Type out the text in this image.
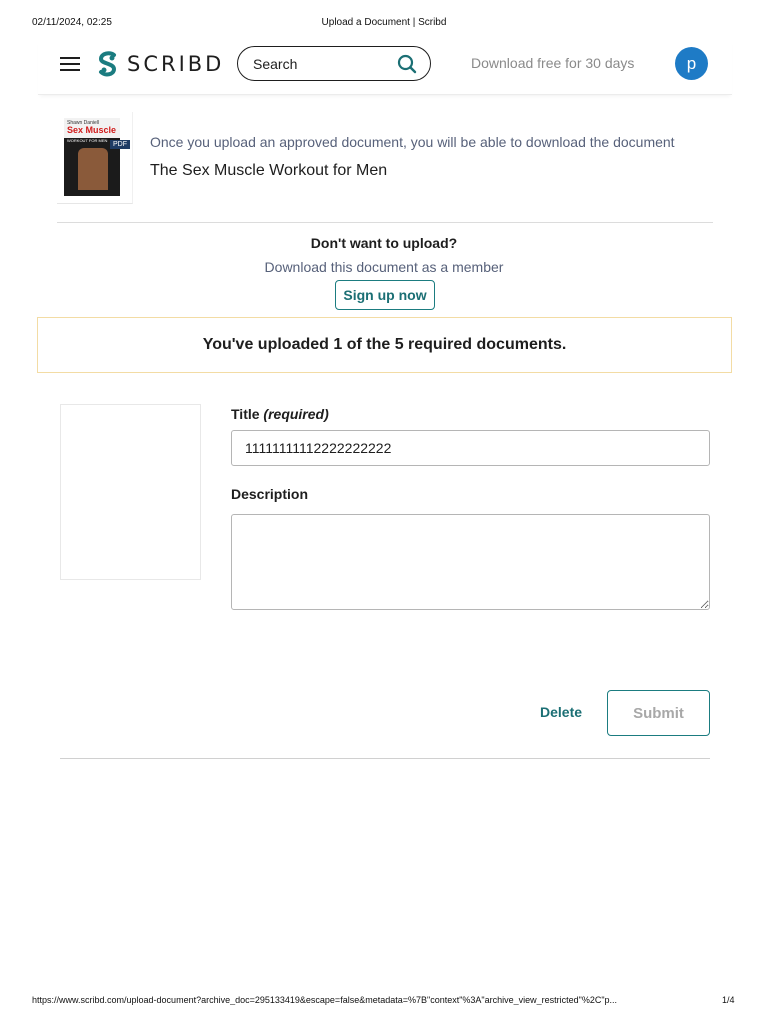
02/11/2024, 02:25	Upload a Document | Scribd
SCRIBD Search	Download free for 30 days	p
Shawn Daniell
Sex Muscle
WORKOUT FOR MEN
PDF Once you upload an approved document, you will be able to download the document
The Sex Muscle Workout for Men
Don't want to upload?
Download this document as a member
Sign up now
You've uploaded 1 of the 5 required documents.
Title (required)
11111111112222222222
Description
Delete	Submit
https://www.scribd.com/upload-document?archive_doc=295133419&escape=false&metadata=%7B"context"%3A"archive_view_restricted"%2C"p...	1/4
